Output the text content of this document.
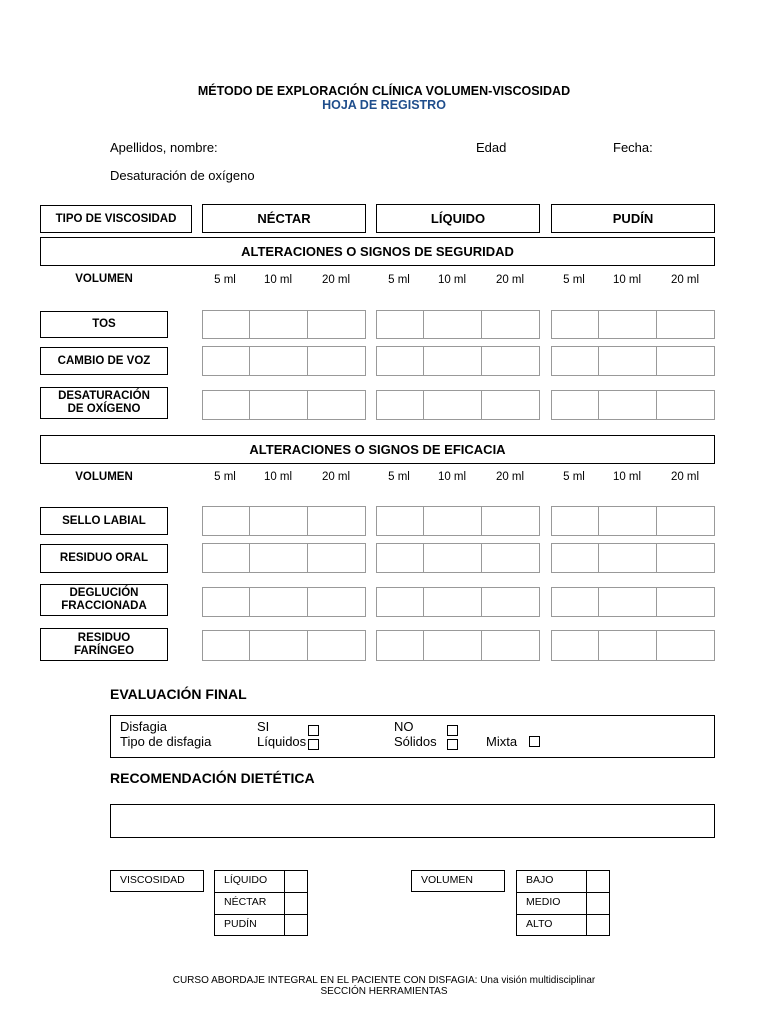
MÉTODO DE EXPLORACIÓN CLÍNICA VOLUMEN-VISCOSIDAD
HOJA DE REGISTRO
Apellidos, nombre:	Edad	Fecha:
Desaturación de oxígeno
TIPO DE VISCOSIDAD	NÉCTAR	LÍQUIDO	PUDÍN
ALTERACIONES O SIGNOS DE SEGURIDAD
VOLUMEN	5 ml	10 ml	20 ml	5 ml	10 ml	20 ml	5 ml	10 ml	20 ml
TOS
CAMBIO DE VOZ
DESATURACIÓN
DE OXÍGENO
ALTERACIONES O SIGNOS DE EFICACIA
VOLUMEN	5 ml	10 ml	20 ml	5 ml	10 ml	20 ml	5 ml	10 ml	20 ml
SELLO LABIAL
RESIDUO ORAL
DEGLUCIÓN
FRACCIONADA
RESIDUO
FARÍNGEO
EVALUACIÓN FINAL
Disfagia	SI	NO
Tipo de disfagia	Líquidos	Sólidos	Mixta
RECOMENDACIÓN DIETÉTICA
VISCOSIDAD	LÍQUIDO
NÉCTAR
PUDÍN
VOLUMEN	BAJO
MEDIO
ALTO
CURSO ABORDAJE INTEGRAL EN EL PACIENTE CON DISFAGIA: Una visión multidisciplinar
SECCIÓN HERRAMIENTAS
